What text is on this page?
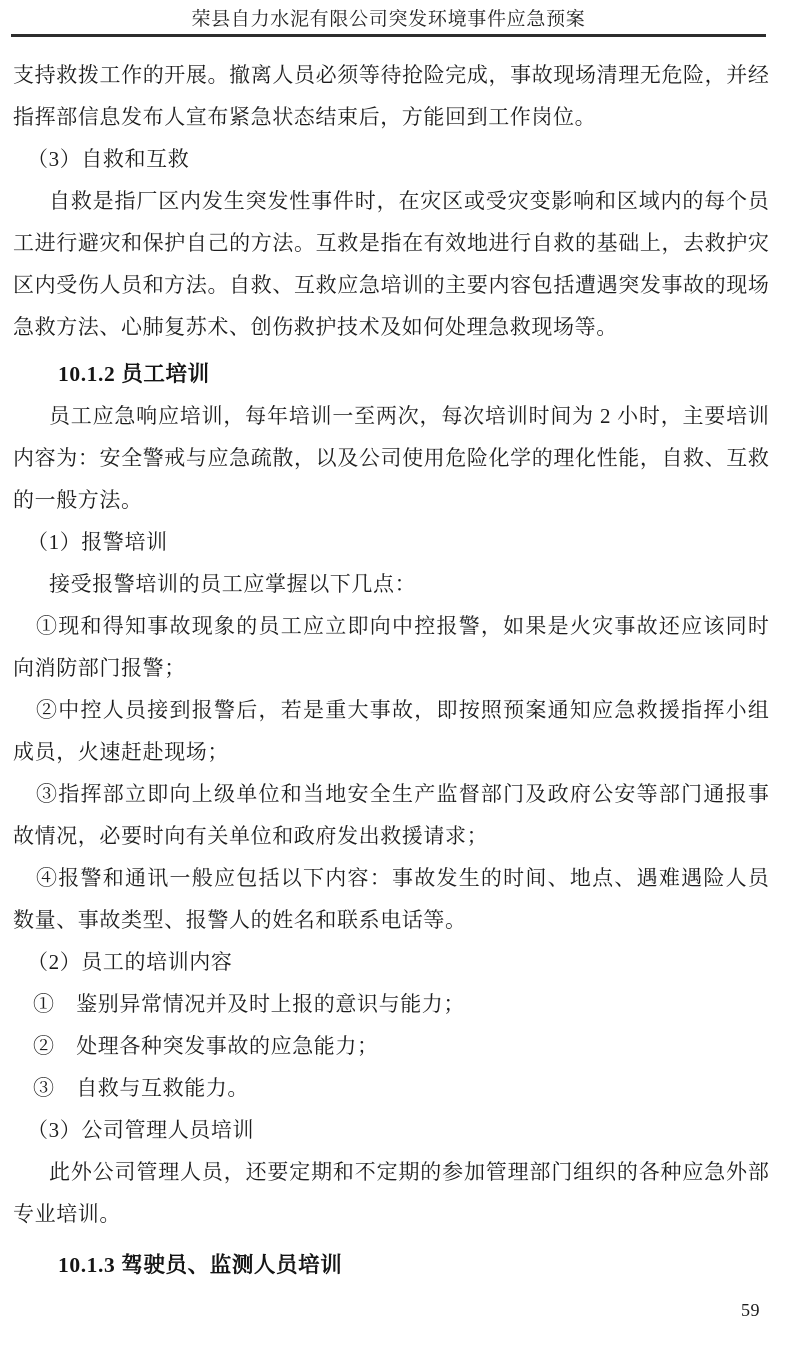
荣县自力水泥有限公司突发环境事件应急预案
支持救拨工作的开展。撤离人员必须等待抢险完成，事故现场清理无危险，并经指挥部信息发布人宣布紧急状态结束后，方能回到工作岗位。
（3）自救和互救
自救是指厂区内发生突发性事件时，在灾区或受灾变影响和区域内的每个员工进行避灾和保护自己的方法。互救是指在有效地进行自救的基础上，去救护灾区内受伤人员和方法。自救、互救应急培训的主要内容包括遭遇突发事故的现场急救方法、心肺复苏术、创伤救护技术及如何处理急救现场等。
10.1.2 员工培训
员工应急响应培训，每年培训一至两次，每次培训时间为 2 小时，主要培训内容为：安全警戒与应急疏散，以及公司使用危险化学的理化性能，自救、互救的一般方法。
（1）报警培训
接受报警培训的员工应掌握以下几点：
①现和得知事故现象的员工应立即向中控报警，如果是火灾事故还应该同时向消防部门报警；
②中控人员接到报警后，若是重大事故，即按照预案通知应急救援指挥小组成员，火速赶赴现场；
③指挥部立即向上级单位和当地安全生产监督部门及政府公安等部门通报事故情况，必要时向有关单位和政府发出救援请求；
④报警和通讯一般应包括以下内容：事故发生的时间、地点、遇难遇险人员数量、事故类型、报警人的姓名和联系电话等。
（2）员工的培训内容
①　鉴别异常情况并及时上报的意识与能力；
②　处理各种突发事故的应急能力；
③　自救与互救能力。
（3）公司管理人员培训
此外公司管理人员，还要定期和不定期的参加管理部门组织的各种应急外部专业培训。
10.1.3 驾驶员、监测人员培训
59
